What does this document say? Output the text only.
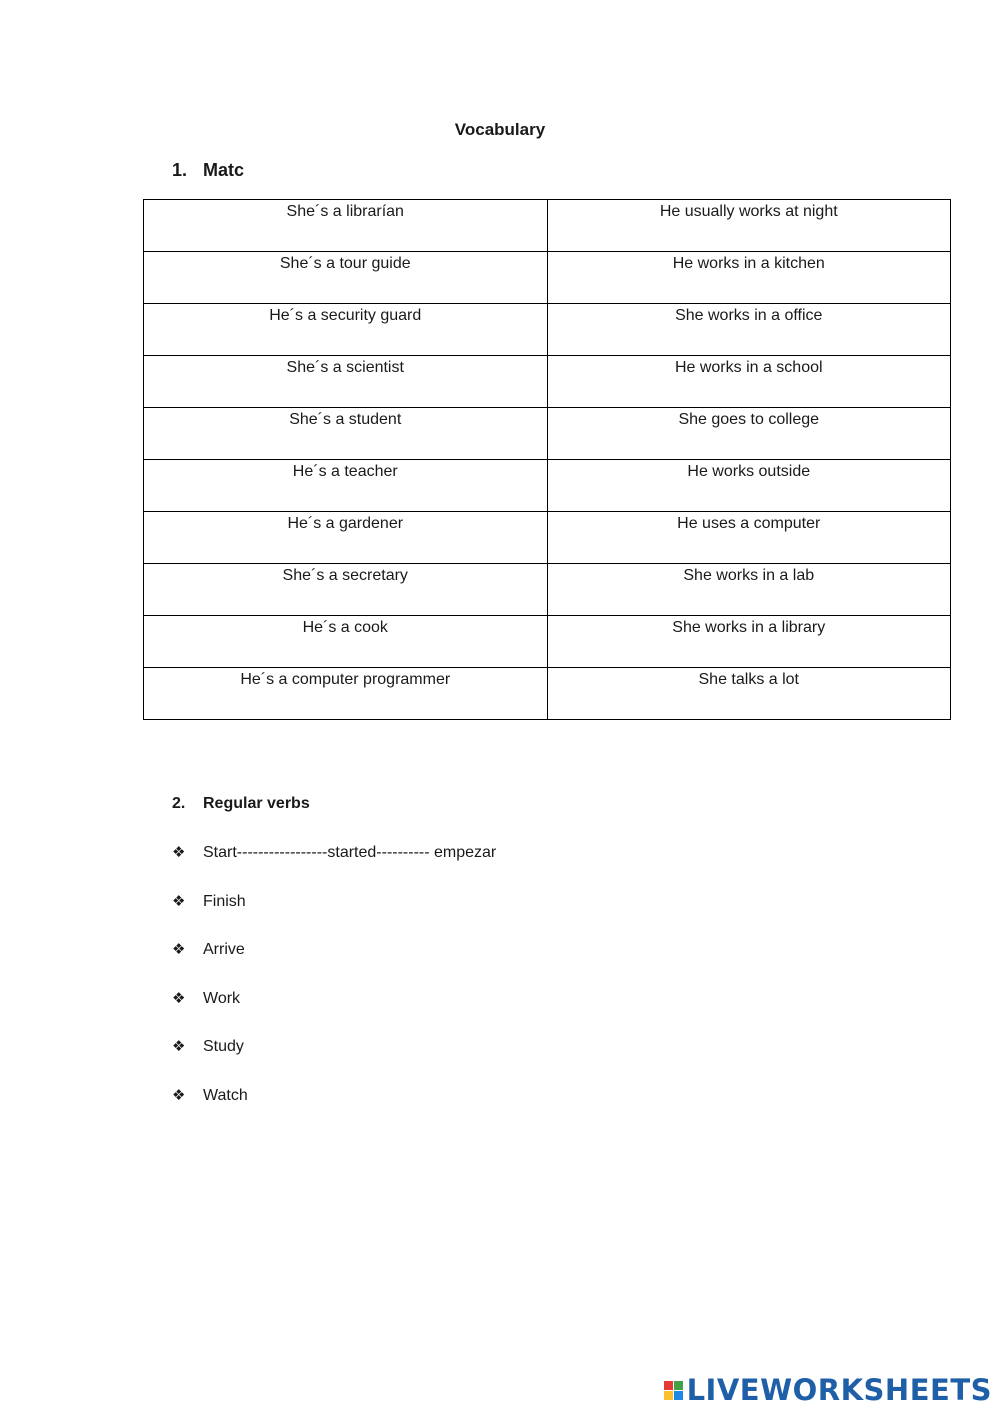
Vocabulary
1. Matc
She´s a librarían	He usually works at night

She´s a tour guide	He works in a kitchen

He´s a security guard	She works in a office

She´s a scientist	He works in a school

She´s a student	She goes to college

He´s a teacher	He works outside

He´s a gardener	He uses a computer

She´s a secretary	She works in a lab

He´s a cook	She works in a library

He´s a computer programmer	She talks a lot
2. Regular verbs
❖	Start-----------------started---------- empezar
❖	Finish
❖	Arrive
❖	Work
❖	Study
❖	Watch
LIVEWORKSHEETS
